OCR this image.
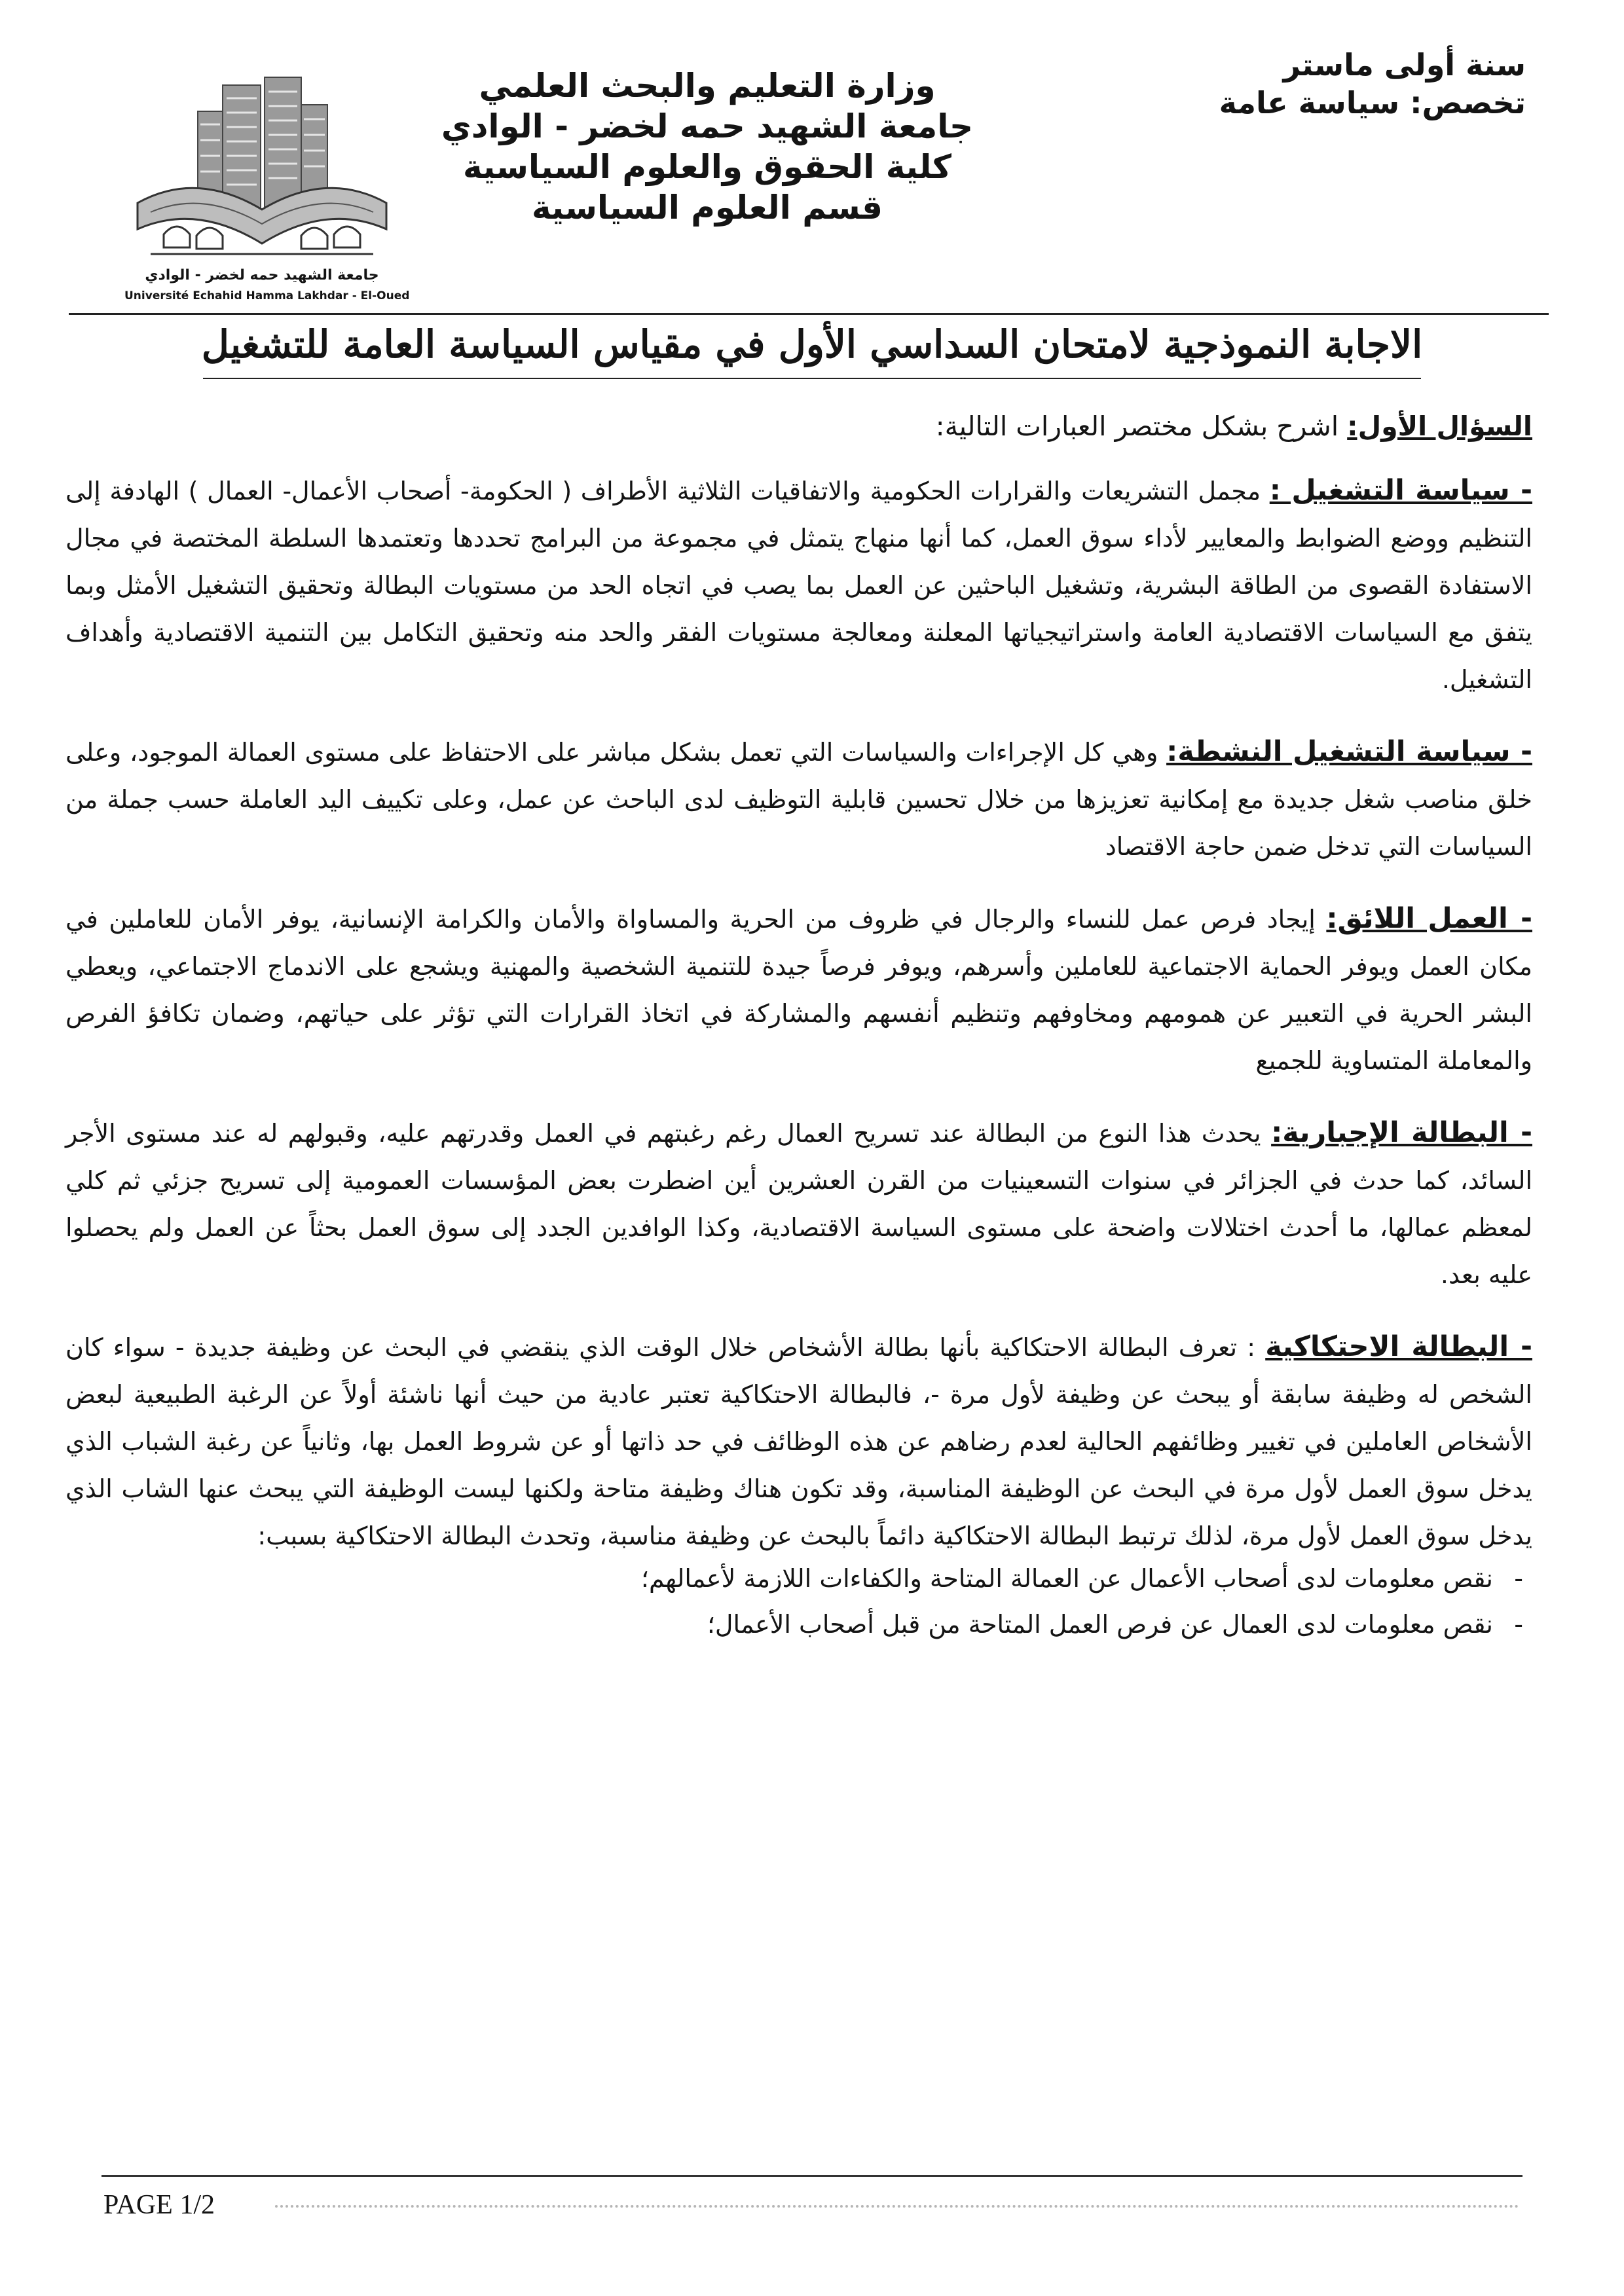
سنة أولى ماستر
تخصص: سياسة عامة
وزارة التعليم والبحث العلمي
جامعة الشهيد حمه لخضر - الوادي
كلية الحقوق والعلوم السياسية
قسم العلوم السياسية
جامعة الشهيد حمه لخضر - الوادي
Université Echahid Hamma Lakhdar - El-Oued
الاجابة النموذجية لامتحان السداسي الأول في مقياس السياسة العامة للتشغيل
السؤال الأول: اشرح بشكل مختصر العبارات التالية:
- سياسة التشغيل : مجمل التشريعات والقرارات الحكومية والاتفاقيات الثلاثية الأطراف ( الحكومة- أصحاب الأعمال- العمال ) الهادفة إلى التنظيم ووضع الضوابط والمعايير لأداء سوق العمل، كما أنها منهاج يتمثل في مجموعة من البرامج تحددها وتعتمدها السلطة المختصة في مجال الاستفادة القصوى من الطاقة البشرية، وتشغيل الباحثين عن العمل بما يصب في اتجاه الحد من مستويات البطالة وتحقيق التشغيل الأمثل وبما يتفق مع السياسات الاقتصادية العامة واستراتيجياتها المعلنة ومعالجة مستويات الفقر والحد منه وتحقيق التكامل بين التنمية الاقتصادية وأهداف التشغيل.
- سياسة التشغيل النشطة: وهي كل الإجراءات والسياسات التي تعمل بشكل مباشر على الاحتفاظ على مستوى العمالة الموجود، وعلى خلق مناصب شغل جديدة مع إمكانية تعزيزها من خلال تحسين قابلية التوظيف لدى الباحث عن عمل، وعلى تكييف اليد العاملة حسب جملة من السياسات التي تدخل ضمن حاجة الاقتصاد
- العمل اللائق: إيجاد فرص عمل للنساء والرجال في ظروف من الحرية والمساواة والأمان والكرامة الإنسانية، يوفر الأمان للعاملين في مكان العمل ويوفر الحماية الاجتماعية للعاملين وأسرهم، ويوفر فرصاً جيدة للتنمية الشخصية والمهنية ويشجع على الاندماج الاجتماعي، ويعطي البشر الحرية في التعبير عن همومهم ومخاوفهم وتنظيم أنفسهم والمشاركة في اتخاذ القرارات التي تؤثر على حياتهم، وضمان تكافؤ الفرص والمعاملة المتساوية للجميع
- البطالة الإجبارية: يحدث هذا النوع من البطالة عند تسريح العمال رغم رغبتهم في العمل وقدرتهم عليه، وقبولهم له عند مستوى الأجر السائد، كما حدث في الجزائر في سنوات التسعينيات من القرن العشرين أين اضطرت بعض المؤسسات العمومية إلى تسريح جزئي ثم كلي لمعظم عمالها، ما أحدث اختلالات واضحة على مستوى السياسة الاقتصادية، وكذا الوافدين الجدد إلى سوق العمل بحثاً عن العمل ولم يحصلوا عليه بعد.
- البطالة الاحتكاكية : تعرف البطالة الاحتكاكية بأنها بطالة الأشخاص خلال الوقت الذي ينقضي في البحث عن وظيفة جديدة - سواء كان الشخص له وظيفة سابقة أو يبحث عن وظيفة لأول مرة -، فالبطالة الاحتكاكية تعتبر عادية من حيث أنها ناشئة أولاً عن الرغبة الطبيعية لبعض الأشخاص العاملين في تغيير وظائفهم الحالية لعدم رضاهم عن هذه الوظائف في حد ذاتها أو عن شروط العمل بها، وثانياً عن رغبة الشباب الذي يدخل سوق العمل لأول مرة في البحث عن الوظيفة المناسبة، وقد تكون هناك وظيفة متاحة ولكنها ليست الوظيفة التي يبحث عنها الشاب الذي يدخل سوق العمل لأول مرة، لذلك ترتبط البطالة الاحتكاكية دائماً بالبحث عن وظيفة مناسبة، وتحدث البطالة الاحتكاكية بسبب:
- نقص معلومات لدى أصحاب الأعمال عن العمالة المتاحة والكفاءات اللازمة لأعمالهم؛
- نقص معلومات لدى العمال عن فرص العمل المتاحة من قبل أصحاب الأعمال؛
PAGE 1/2
